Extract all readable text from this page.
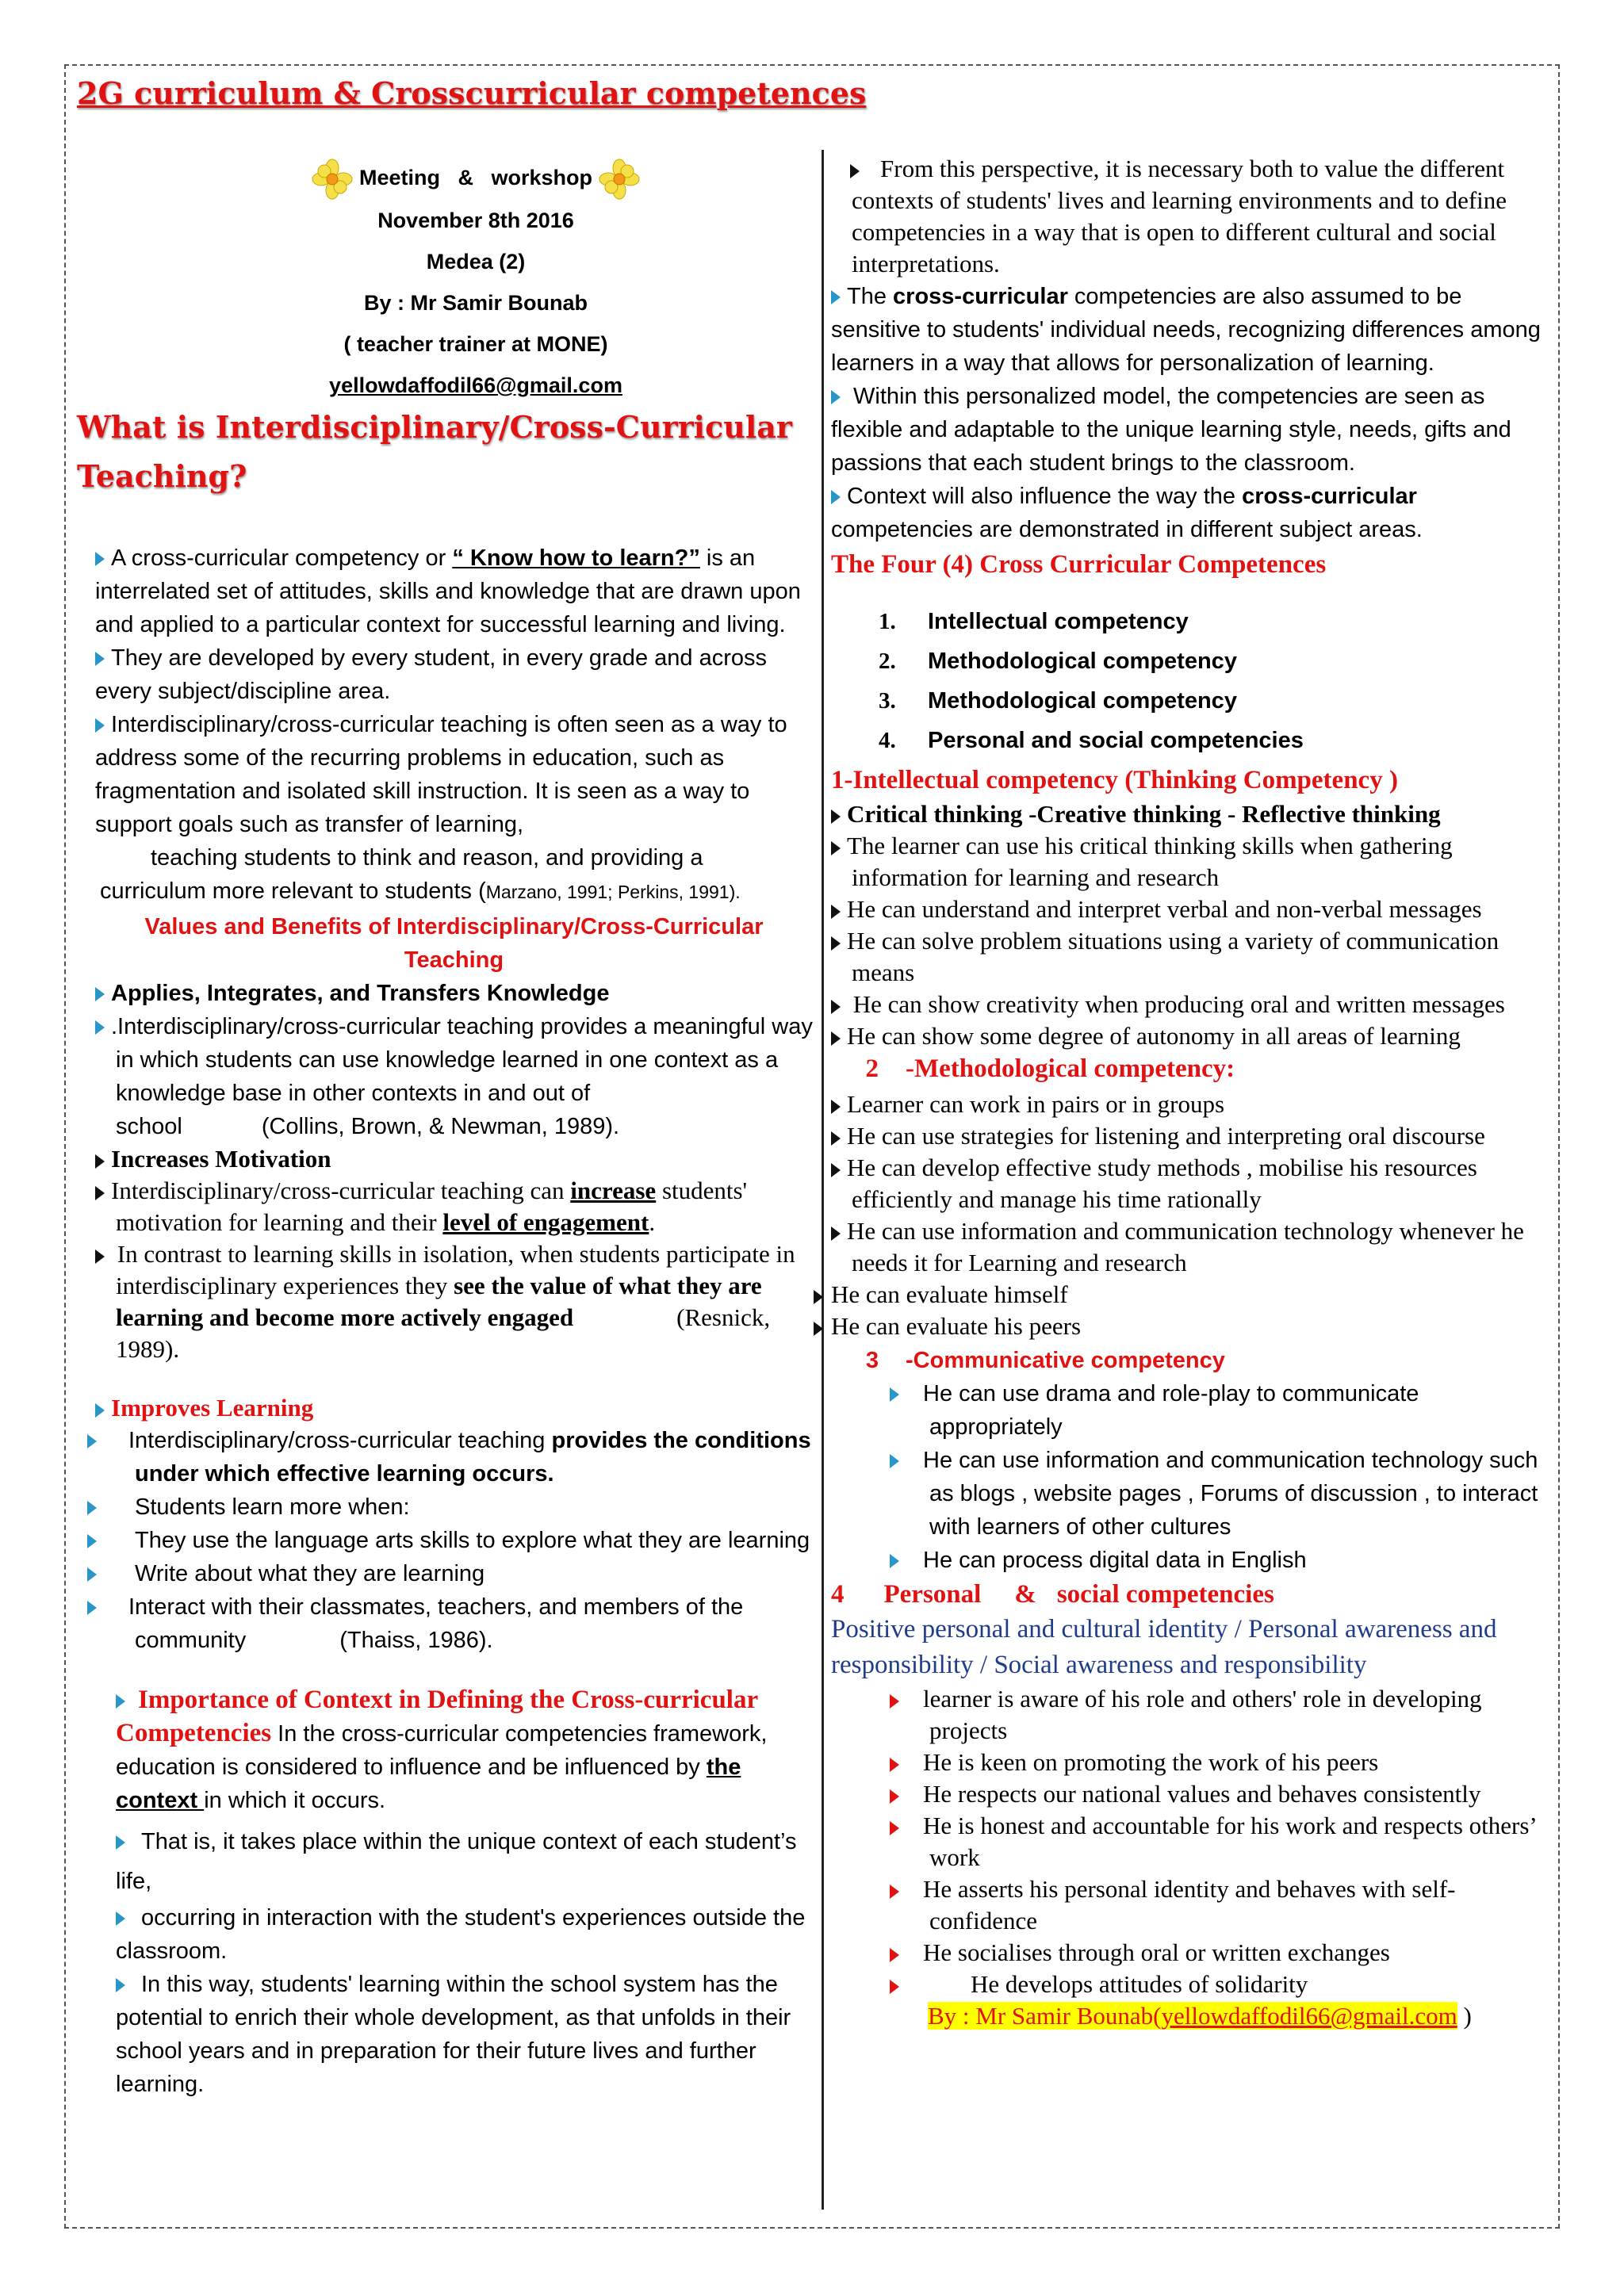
2G curriculum & Crosscurricular competences
Meeting   &   workshop
November 8th 2016
Medea (2)
By : Mr Samir Bounab
( teacher trainer at MONE)
yellowdaffodil66@gmail.com
What is Interdisciplinary/Cross-Curricular
Teaching?

A cross-curricular competency or “ Know how to learn?” is an interrelated set of attitudes, skills and knowledge that are drawn upon and applied to a particular context for successful learning and living.

They are developed by every student, in every grade and across every subject/discipline area.

Interdisciplinary/cross-curricular teaching is often seen as a way to address some of the recurring problems in education, such as fragmentation and isolated skill instruction. It is seen as a way to support goals such as transfer of learning,

teaching students to think and reason, and providing a

curriculum more relevant to students (Marzano, 1991; Perkins, 1991).

Values and Benefits of Interdisciplinary/Cross-Curricular Teaching

Applies, Integrates, and Transfers Knowledge

.Interdisciplinary/cross-curricular teaching provides a meaningful way in which students can use knowledge learned in one context as a knowledge base in other contexts in and out of school	(Collins, Brown, & Newman, 1989).

Increases Motivation

Interdisciplinary/cross-curricular teaching can increase students' motivation for learning and their level of engagement.

In contrast to learning skills in isolation, when students participate in interdisciplinary experiences they see the value of what they are learning and become more actively engaged	(Resnick, 1989).

Improves Learning

Interdisciplinary/cross-curricular teaching provides the conditions under which effective learning occurs.

Students learn more when:

They use the language arts skills to explore what they are learning

Write about what they are learning

Interact with their classmates, teachers, and members of the community	(Thaiss, 1986).

Importance of Context in Defining the Cross-curricular Competencies In the cross-curricular competencies framework, education is considered to influence and be influenced by the context in which it occurs.

That is, it takes place within the unique context of each student’s life,

occurring in interaction with the student's experiences outside the classroom.

In this way, students' learning within the school system has the potential to enrich their whole development, as that unfolds in their school years and in preparation for their future lives and further learning.

From this perspective, it is necessary both to value the different contexts of students' lives and learning environments and to define competencies in a way that is open to different cultural and social interpretations.

The cross-curricular competencies are also assumed to be sensitive to students' individual needs, recognizing differences among learners in a way that allows for personalization of learning.

Within this personalized model, the competencies are seen as flexible and adaptable to the unique learning style, needs, gifts and passions that each student brings to the classroom.

Context will also influence the way the cross-curricular competencies are demonstrated in different subject areas.

The Four (4) Cross Curricular Competences

1. Intellectual competency
2. Methodological competency
3. Methodological competency
4. Personal and social competencies

1-Intellectual competency (Thinking Competency )

Critical thinking -Creative thinking - Reflective thinking

The learner can use his critical thinking skills when gathering information for learning and research

He can understand and interpret verbal and non-verbal messages

He can solve problem situations using a variety of communication means

He can show creativity when producing oral and written messages

He can show some degree of autonomy in all areas of learning

2 -Methodological competency:

Learner can work in pairs or in groups

He can use strategies for listening and interpreting oral discourse

He can develop effective study methods , mobilise his resources efficiently and manage his time rationally

He can use information and communication technology whenever he needs it for Learning and research

He can evaluate himself

He can evaluate his peers

3 -Communicative competency

He can use drama and role-play to communicate appropriately

He can use information and communication technology such as blogs , website pages , Forums of discussion , to interact with learners of other cultures

He can process digital data in English

4 Personal & social competencies

Positive personal and cultural identity / Personal awareness and responsibility / Social awareness and responsibility

learner is aware of his role and others' role in developing projects

He is keen on promoting the work of his peers

He respects our national values and behaves consistently

He is honest and accountable for his work and respects others’ work

He asserts his personal identity and behaves with self-confidence

He socialises through oral or written exchanges

He develops attitudes of solidarity

By : Mr Samir Bounab(yellowdaffodil66@gmail.com )
